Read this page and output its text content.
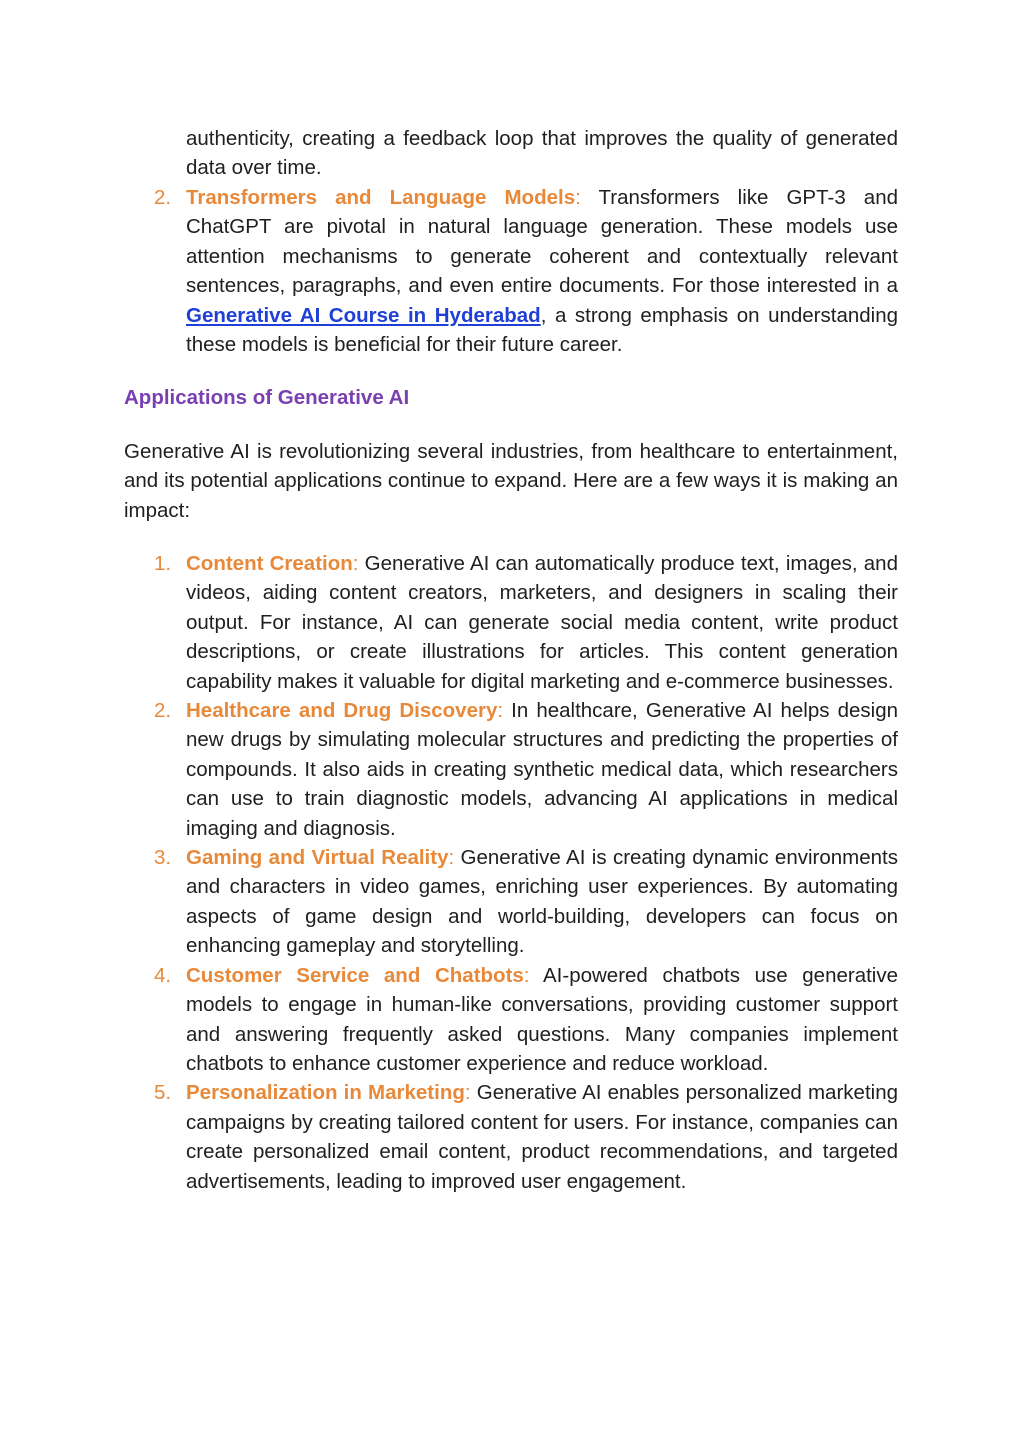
authenticity, creating a feedback loop that improves the quality of generated data over time.
2. Transformers and Language Models: Transformers like GPT-3 and ChatGPT are pivotal in natural language generation. These models use attention mechanisms to generate coherent and contextually relevant sentences, paragraphs, and even entire documents. For those interested in a Generative AI Course in Hyderabad, a strong emphasis on understanding these models is beneficial for their future career.
Applications of Generative AI
Generative AI is revolutionizing several industries, from healthcare to entertainment, and its potential applications continue to expand. Here are a few ways it is making an impact:
1. Content Creation: Generative AI can automatically produce text, images, and videos, aiding content creators, marketers, and designers in scaling their output. For instance, AI can generate social media content, write product descriptions, or create illustrations for articles. This content generation capability makes it valuable for digital marketing and e-commerce businesses.
2. Healthcare and Drug Discovery: In healthcare, Generative AI helps design new drugs by simulating molecular structures and predicting the properties of compounds. It also aids in creating synthetic medical data, which researchers can use to train diagnostic models, advancing AI applications in medical imaging and diagnosis.
3. Gaming and Virtual Reality: Generative AI is creating dynamic environments and characters in video games, enriching user experiences. By automating aspects of game design and world-building, developers can focus on enhancing gameplay and storytelling.
4. Customer Service and Chatbots: AI-powered chatbots use generative models to engage in human-like conversations, providing customer support and answering frequently asked questions. Many companies implement chatbots to enhance customer experience and reduce workload.
5. Personalization in Marketing: Generative AI enables personalized marketing campaigns by creating tailored content for users. For instance, companies can create personalized email content, product recommendations, and targeted advertisements, leading to improved user engagement.
